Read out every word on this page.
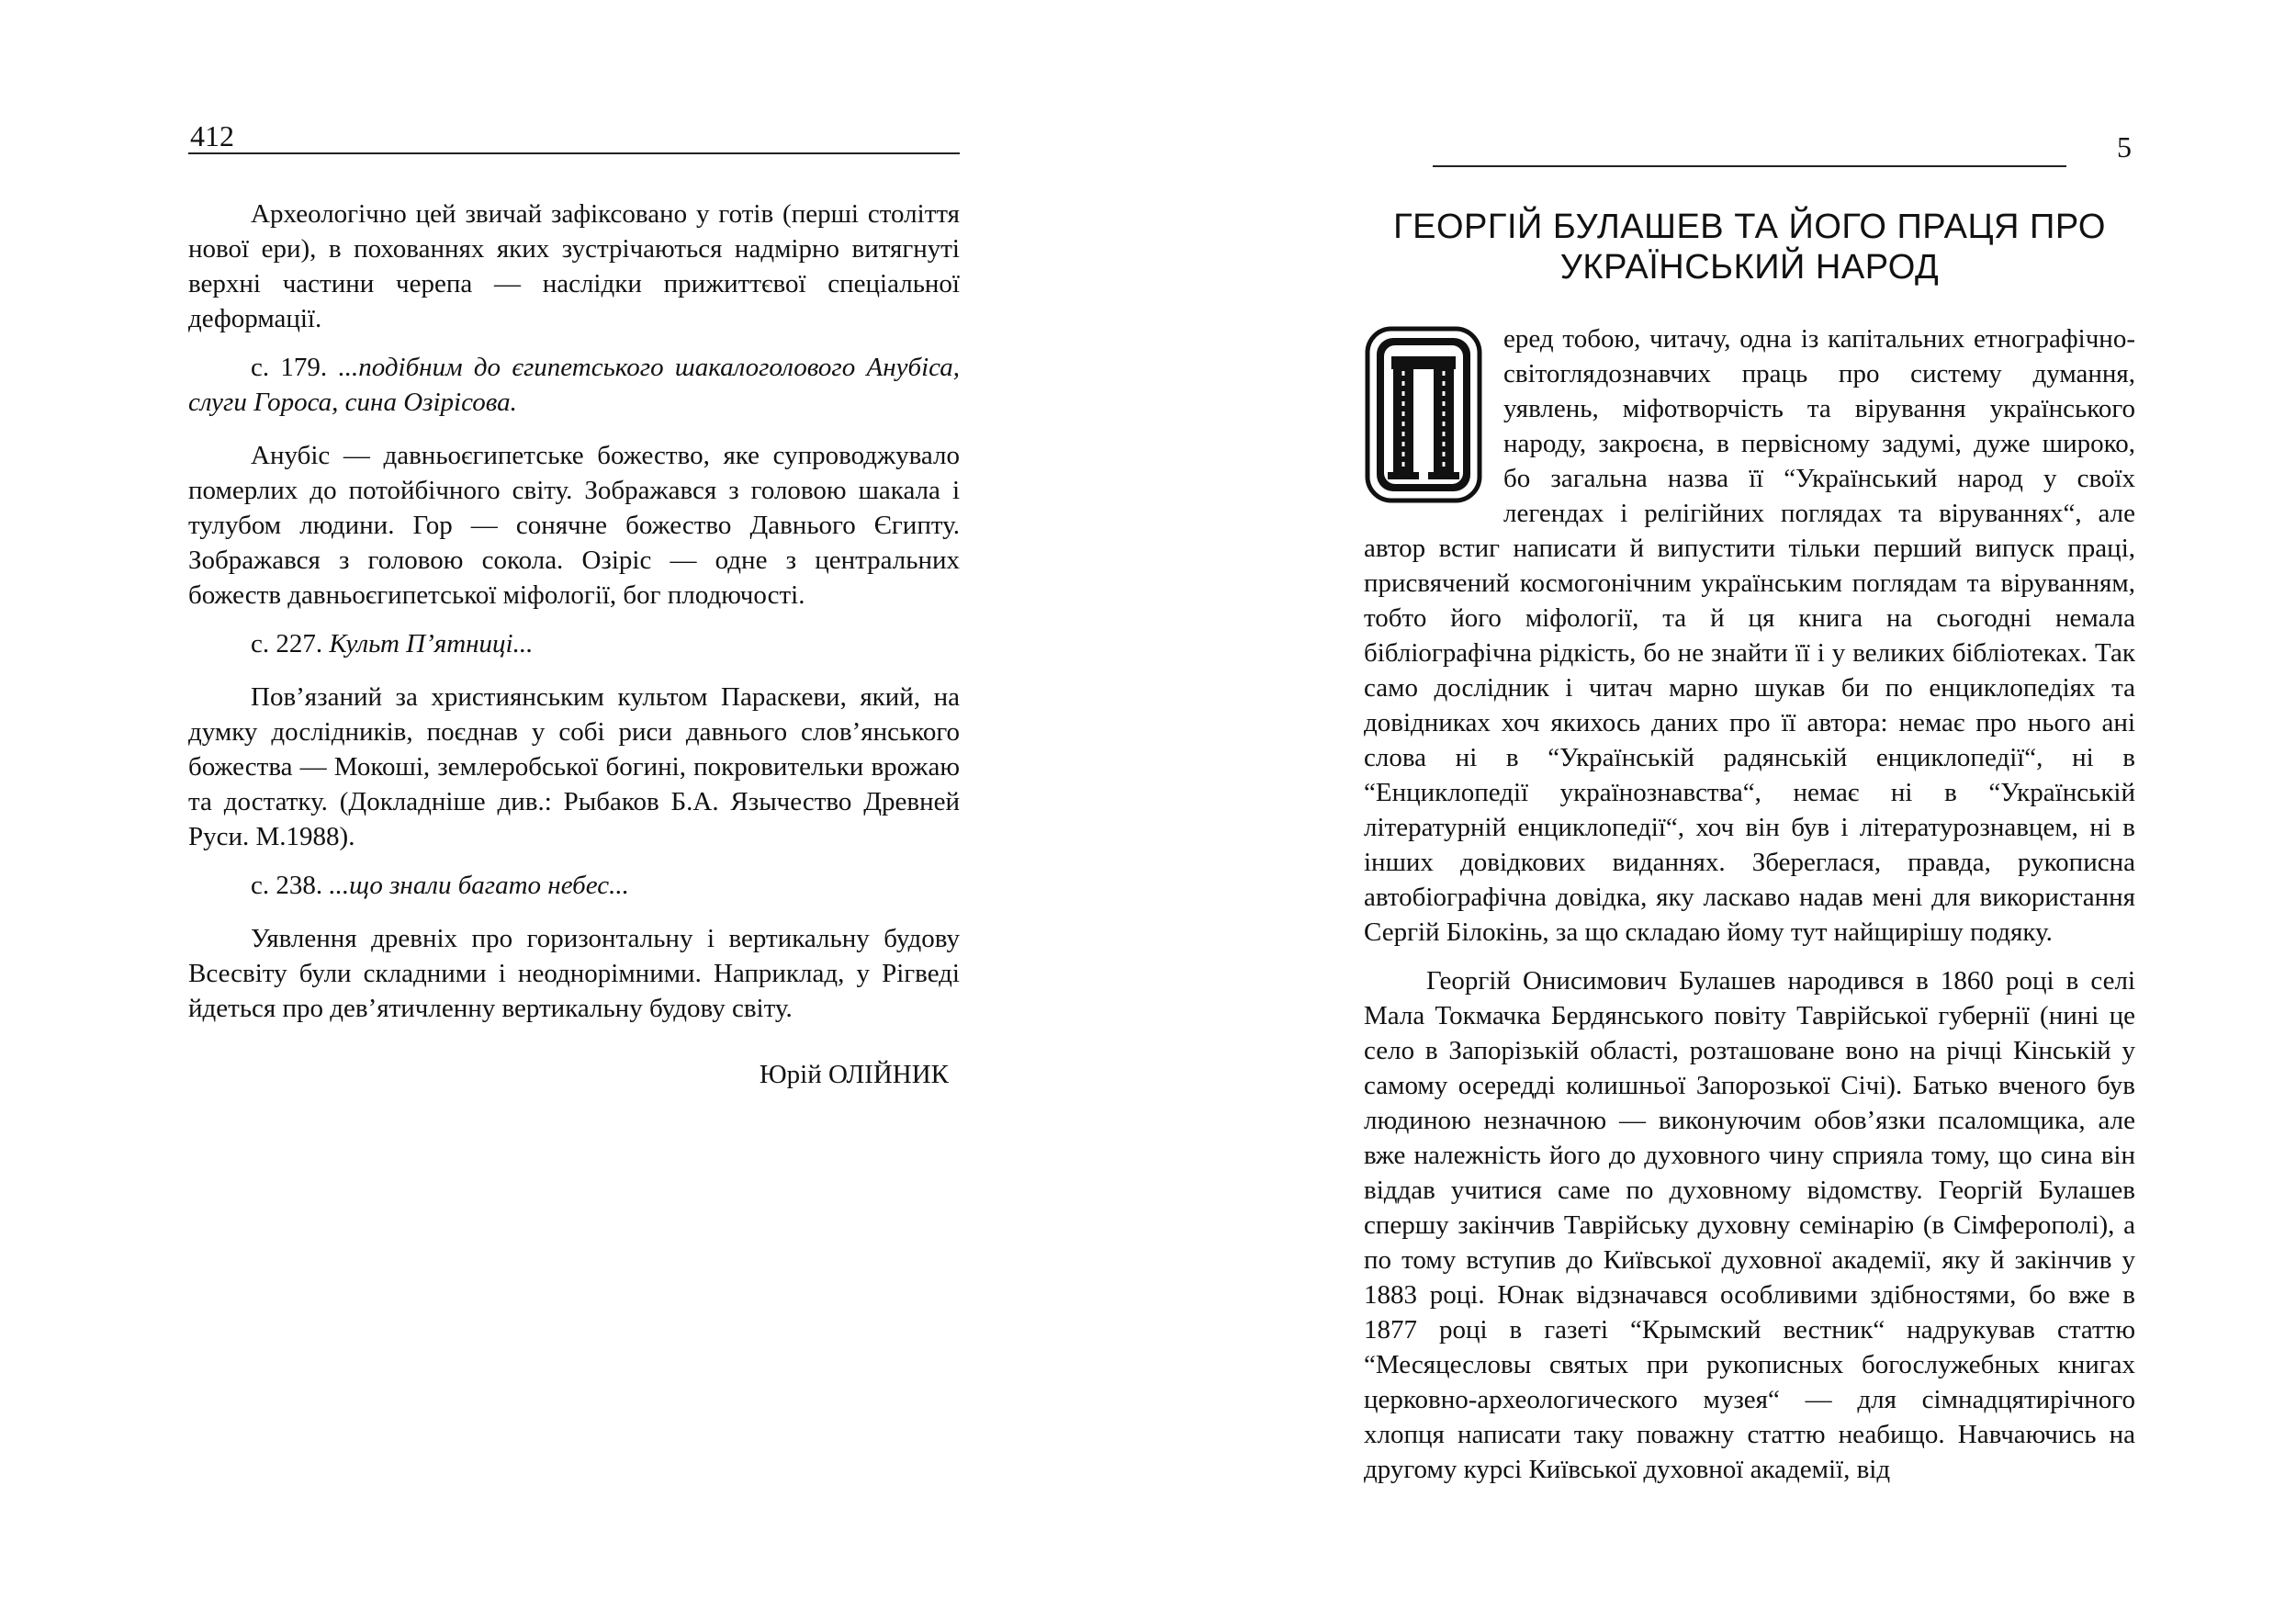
412

Археологічно цей звичай зафіксовано у готів (перші століття нової ери), в похованнях яких зустрічаються надмірно витягнуті верхні частини черепа — наслідки прижиттєвої спеціальної деформації.

с. 179. ...подібним до єгипетського шакалоголового Анубіса, слуги Гороса, сина Озірісова.

Анубіс — давньоєгипетське божество, яке супроводжувало померлих до потойбічного світу. Зображався з головою шакала і тулубом людини. Гор — сонячне божество Давнього Єгипту. Зображався з головою сокола. Озіріс — одне з центральних божеств давньоєгипетської міфології, бог плодючості.

с. 227. Культ П’ятниці...

Пов’язаний за християнським культом Параскеви, який, на думку дослідників, поєднав у собі риси давнього слов’янського божества — Мокоші, землеробської богині, покровительки врожаю та достатку. (Докладніше див.: Рыбаков Б.А. Язычество Древней Руси. М.1988).

с. 238. ...що знали багато небес...

Уявлення древніх про горизонтальну і вертикальну будову Всесвіту були складними і неоднорімними. Наприклад, у Рігведі йдеться про дев’ятичленну вертикальну будову світу.

Юрій ОЛІЙНИК

5
ГЕОРГІЙ БУЛАШЕВ ТА ЙОГО ПРАЦЯ ПРО
УКРАЇНСЬКИЙ НАРОД

еред тобою, читачу, одна із капітальних етнографічно-світоглядознавчих праць про систему думання, уявлень, міфотворчість та вірування українського народу, закроєна, в первісному задумі, дуже широко, бо загальна назва її “Український народ у своїх легендах і релігійних поглядах та віруваннях“, але автор встиг написати й випустити тільки перший випуск праці, присвячений космогонічним українським поглядам та віруванням, тобто його міфології, та й ця книга на сьогодні немала бібліографічна рідкість, бо не знайти її і у великих бібліотеках. Так само дослідник і читач марно шукав би по енциклопедіях та довідниках хоч якихось даних про її автора: немає про нього ані слова ні в “Українській радянській енциклопедії“, ні в “Енциклопедії українознавства“, немає ні в “Українській літературній енциклопедії“, хоч він був і літературознавцем, ні в інших довідкових виданнях. Збереглася, правда, рукописна автобіографічна довідка, яку ласкаво надав мені для використання Сергій Білокінь, за що складаю йому тут найщирішу подяку.

Георгій Онисимович Булашев народився в 1860 році в селі Мала Токмачка Бердянського повіту Таврійської губернії (нині це село в Запорізькій області, розташоване воно на річці Кінській у самому осередді колишньої Запорозької Січі). Батько вченого був людиною незначною — виконуючим обов’язки псаломщика, але вже належність його до духовного чину сприяла тому, що сина він віддав учитися саме по духовному відомству. Георгій Булашев спершу закінчив Таврійську духовну семінарію (в Сімферополі), а по тому вступив до Київської духовної академії, яку й закінчив у 1883 році. Юнак відзначався особливими здібностями, бо вже в 1877 році в газеті “Крымский вестник“ надрукував статтю “Месяцесловы святых при рукописных богослужебных книгах церковно-археологического музея“ — для сімнадцятирічного хлопця написати таку поважну статтю неабищо. Навчаючись на другому курсі Київської духовної академії, від
